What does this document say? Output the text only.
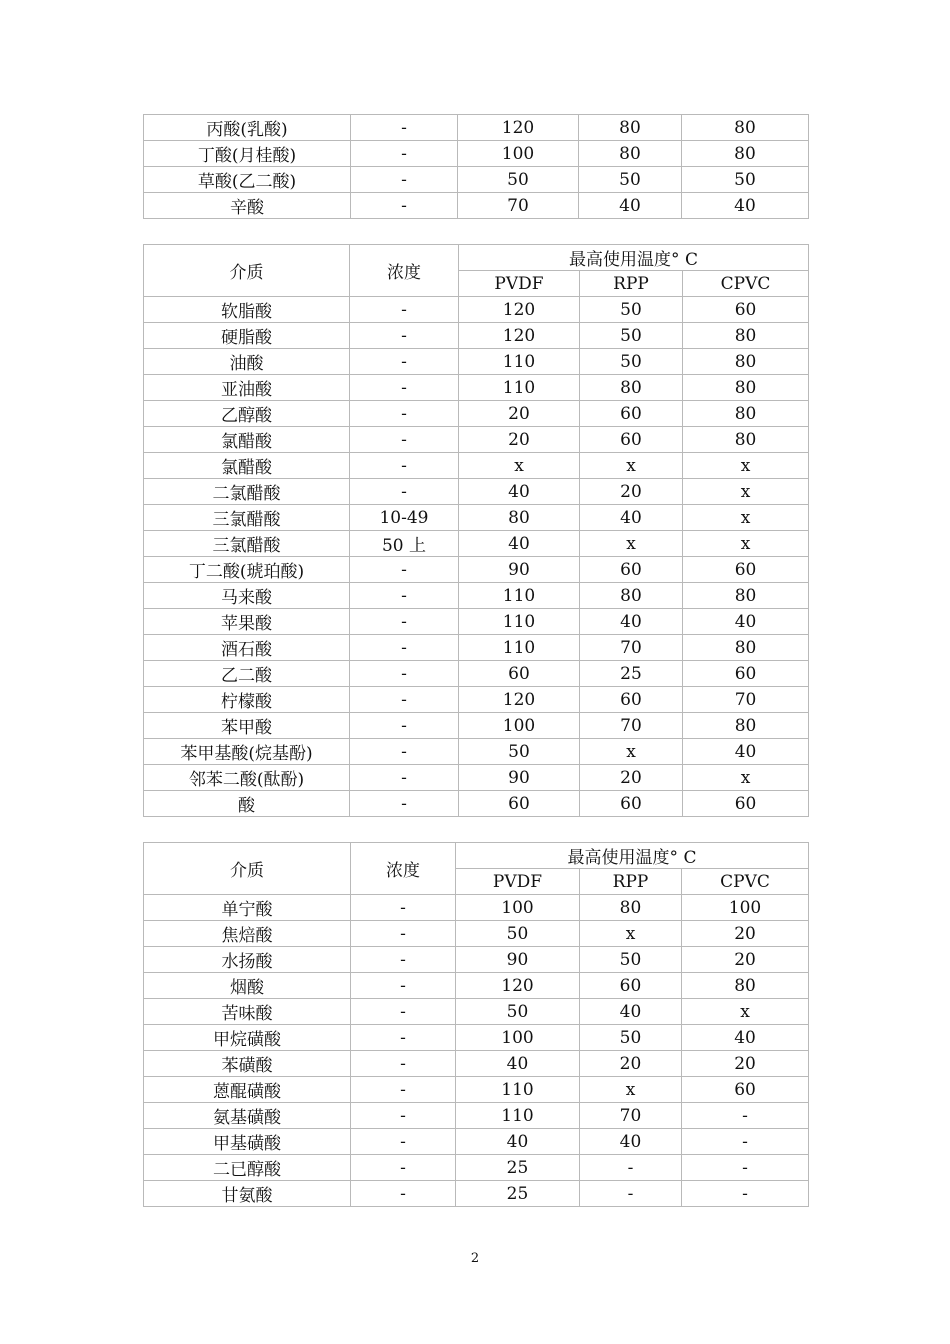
丙酸(乳酸)	-	120	80	80
丁酸(月桂酸)	-	100	80	80
草酸(乙二酸)	-	50	50	50
辛酸	-	70	40	40
介质	浓度	最高使用温度° C		
		PVDF	RPP	CPVC
软脂酸	-	120	50	60
硬脂酸	-	120	50	80
油酸	-	110	50	80
亚油酸	-	110	80	80
乙醇酸	-	20	60	80
氯醋酸	-	20	60	80
氯醋酸	-	x	x	x
二氯醋酸	-	40	20	x
三氯醋酸	10-49	80	40	x
三氯醋酸	50 上	40	x	x
丁二酸(琥珀酸)	-	90	60	60
马来酸	-	110	80	80
苹果酸	-	110	40	40
酒石酸	-	110	70	80
乙二酸	-	60	25	60
柠檬酸	-	120	60	70
苯甲酸	-	100	70	80
苯甲基酸(烷基酚)	-	50	x	40
邻苯二酸(酞酚)	-	90	20	x
酸	-	60	60	60
介质	浓度	最高使用温度° C		
		PVDF	RPP	CPVC
单宁酸	-	100	80	100
焦焙酸	-	50	x	20
水扬酸	-	90	50	20
烟酸	-	120	60	80
苦味酸	-	50	40	x
甲烷磺酸	-	100	50	40
苯磺酸	-	40	20	20
蒽醌磺酸	-	110	x	60
氨基磺酸	-	110	70	-
甲基磺酸	-	40	40	-
二已醇酸	-	25	-	-
甘氨酸	-	25	-	-
2
